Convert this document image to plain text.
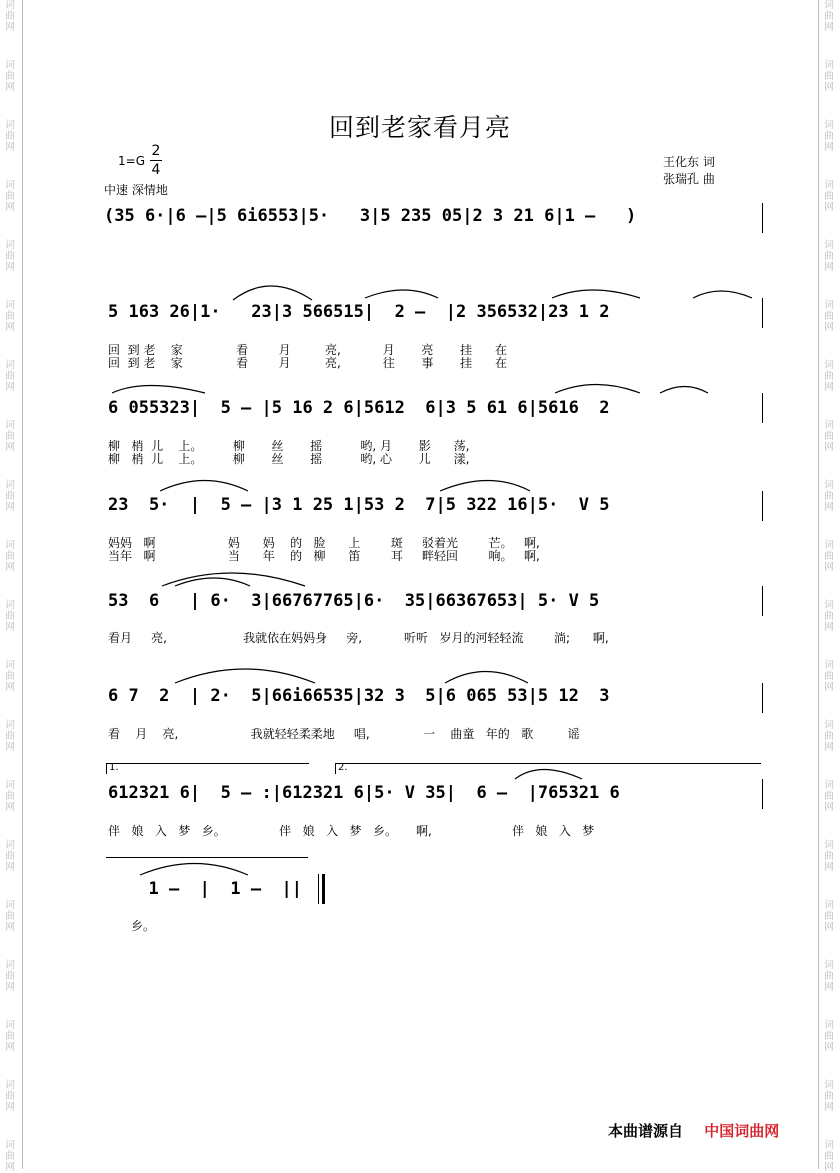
词
曲
网
词
曲
网
词
曲
网
词
曲
网
词
曲
网
词
曲
网
词
曲
网
词
曲
网
词
曲
网
词
曲
网
词
曲
网
词
曲
网
词
曲
网
词
曲
网
词
曲
网
词
曲
网
词
曲
网
词
曲
网
词
曲
网
词
曲
网
词
曲
网
词
曲
网
词
曲
网
词
曲
网
词
曲
网
词
曲
网
词
曲
网
词
曲
网
词
曲
网
词
曲
网
词
曲
网
词
曲
网
词
曲
网
词
曲
网
词
曲
网
词
曲
网
词
曲
网
词
曲
网
词
曲
网
词
曲
网
回到老家看月亮
1=G
2
4
中速 深情地
王化东 词
张瑞孔 曲
(35 6·|6 –|5 6i6553|5·   3|5 235 05|2 3 21 6|1 –   )
5 163 26|1·   23|3 566515|  2 –  |2 356532|23 1 2
回  到 老    家              看        月         亮,           月       亮       挂      在
回  到 老    家              看        月         亮,           往       事       挂      在
6 055323|  5 – |5 16 2 6|5612  6|3 5 61 6|5616  2
柳   梢  儿    上。        柳       丝       摇          哟, 月       影      荡,
柳   梢  儿    上。        柳       丝       摇          哟, 心       儿      漾,
23  5·  |  5 – |3 1 25 1|53 2  7|5 322 16|5·  V 5
妈妈   啊                   妈      妈    的   脸      上        斑     驳着光        芒。   啊,
当年   啊                   当      年    的   柳      笛        耳     畔轻回        响。   啊,
53  6   | 6·  3|66767765|6·  35|66367653| 5· V 5
看月     亮,                    我就依在妈妈身     旁,           听听   岁月的河轻轻流        淌;      啊,
6 7  2  | 2·  5|66i66535|32 3  5|6 065 53|5 12  3
看    月    亮,                   我就轻轻柔柔地     唱,              一    曲童   年的   歌         谣
1.	2.
612321 6|  5 – :|612321 6|5· V 35|  6 –  |765321 6
伴   娘   入   梦   乡。              伴   娘   入   梦   乡。     啊,                     伴   娘   入   梦
1 –  |  1 –  ||
乡。
本曲谱源自 中国词曲网
